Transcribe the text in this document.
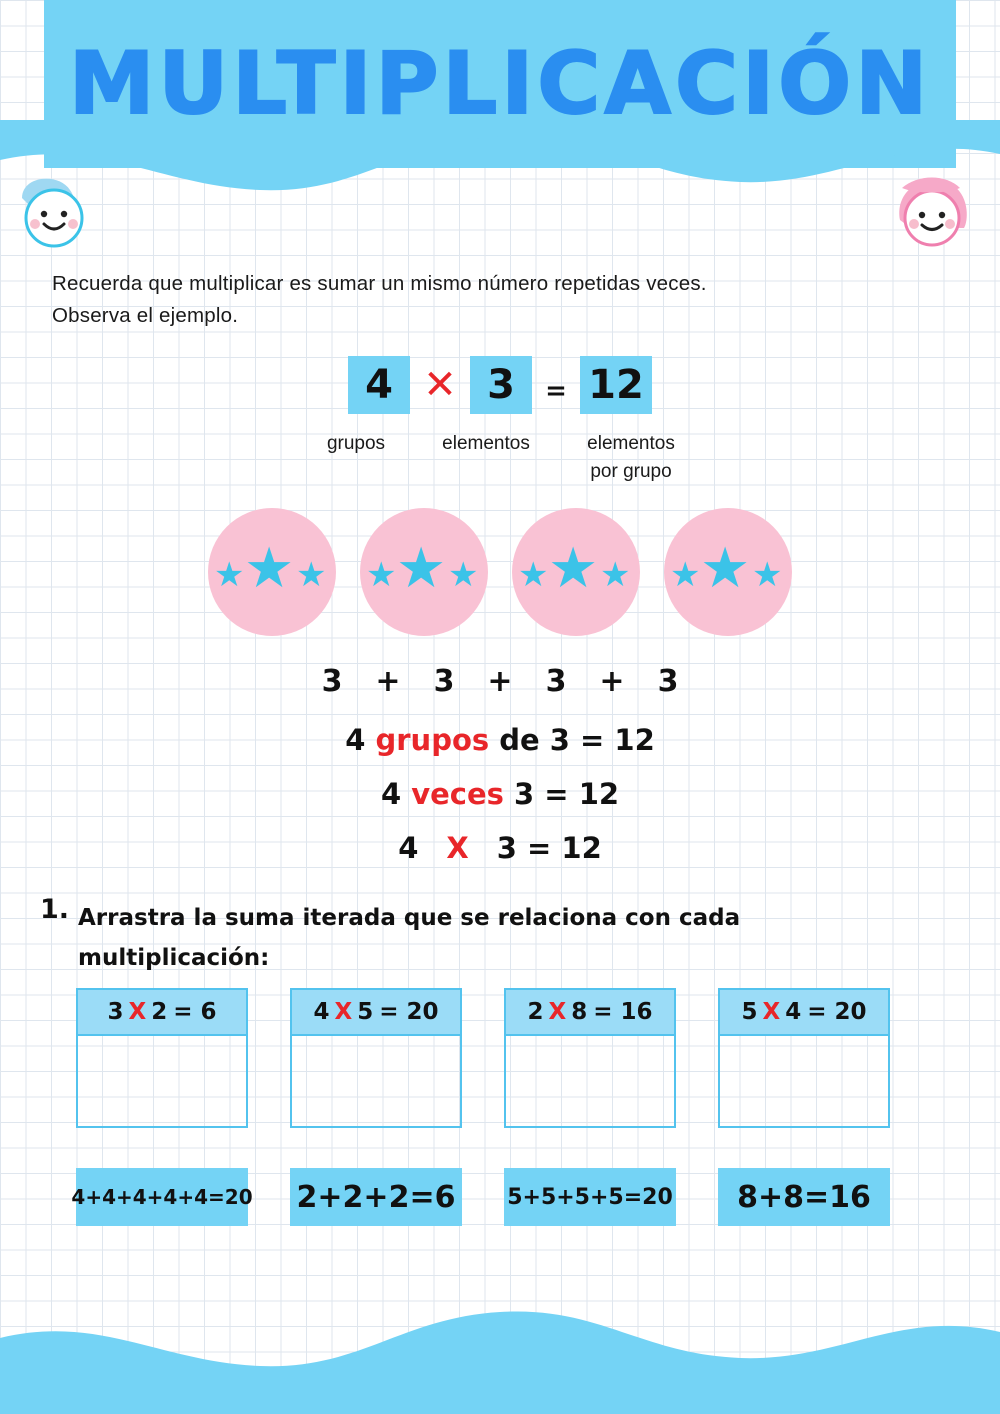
MULTIPLICACIÓN
Recuerda que multiplicar es sumar un mismo número repetidas veces.
Observa el ejemplo.
4 ✕ 3	= 12
grupos	elementos	elementos
por grupo
★ ★ ★ ★ ★ ★ ★ ★ ★ ★ ★ ★
3	+	3	+	3	+	3
4 grupos de 3 = 12
4 veces 3 = 12
4 X 3 = 12
1. Arrastra la suma iterada que se relaciona con cada
multiplicación:
3 X 2 = 6	4 X 5 = 20	2 X 8 = 16	5 X 4 = 20
4+4+4+4+4=20 2+2+2=6 5+5+5+5=20	8+8=16
